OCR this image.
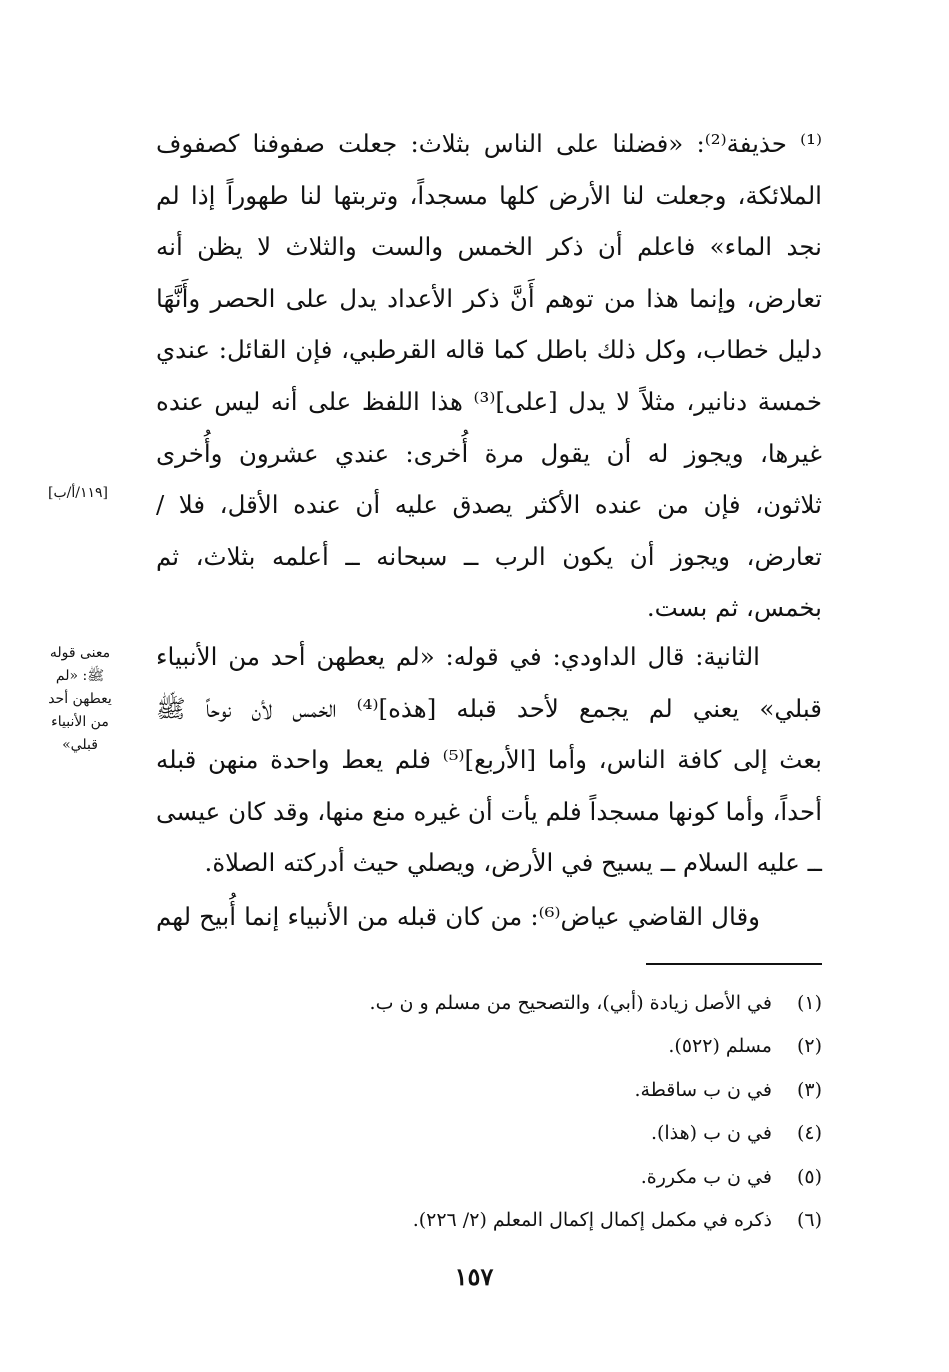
⁽¹⁾ حذيفة⁽²⁾: «فضلنا على الناس بثلاث: جعلت صفوفنا كصفوف
الملائكة، وجعلت لنا الأرض كلها مسجداً، وتربتها لنا طهوراً إذا لم
نجد الماء» فاعلم أن ذكر الخمس والست والثلاث لا يظن أنه
تعارض، وإنما هذا من توهم أَنَّ ذكر الأعداد يدل على الحصر وأَنَّهَا
دليل خطاب، وكل ذلك باطل كما قاله القرطبي، فإن القائل: عندي
خمسة دنانير، مثلاً لا يدل [على]⁽³⁾ هذا اللفظ على أنه ليس عنده
غيرها، ويجوز له أن يقول مرة أُخرى: عندي عشرون وأُخرى
ثلاثون، فإن من عنده الأكثر يصدق عليه أن عنده الأقل، فلا /
تعارض، ويجوز أن يكون الرب ــ سبحانه ــ أعلمه بثلاث، ثم
بخمس، ثم بست.
[١١٩/أ/ب]
الثانية: قال الداودي: في قوله: «لم يعطهن أحد من الأنبياء
قبلي» يعني لم يجمع لأحد قبله [هذه]⁽⁴⁾ الخمس لأن نوحاً ﷺ
بعث إلى كافة الناس، وأما [الأربع]⁽⁵⁾ فلم يعط واحدة منهن قبله
أحداً، وأما كونها مسجداً فلم يأت أن غيره منع منها، وقد كان عيسى
ــ عليه السلام ــ يسيح في الأرض، ويصلي حيث أدركته الصلاة.
معنى قوله
ﷺ: «لم
يعطهن أحد
من الأنبياء
قبلي»
وقال القاضي عياض⁽⁶⁾: من كان قبله من الأنبياء إنما أُبيح لهم
(١) في الأصل زيادة (أبي)، والتصحيح من مسلم و ن ب.
(٢) مسلم (٥٢٢).
(٣) في ن ب ساقطة.
(٤) في ن ب (هذا).
(٥) في ن ب مكررة.
(٦) ذكره في مكمل إكمال إكمال المعلم (٢/ ٢٢٦).
١٥٧
